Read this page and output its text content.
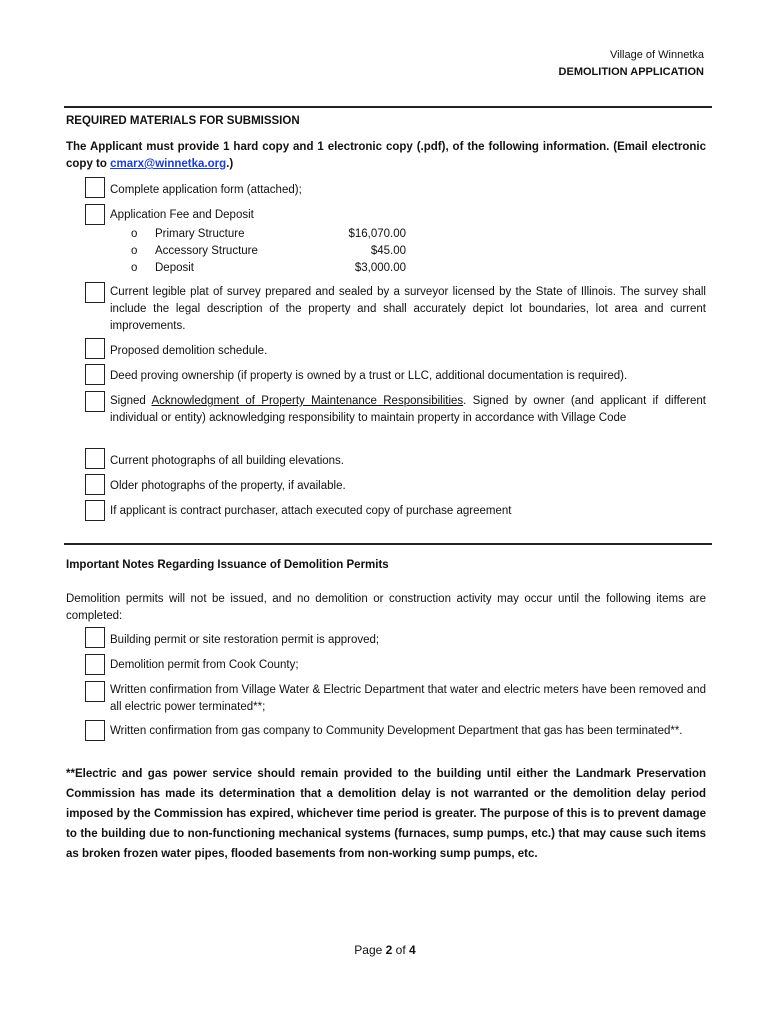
Village of Winnetka
DEMOLITION APPLICATION
REQUIRED MATERIALS FOR SUBMISSION
The Applicant must provide 1 hard copy and 1 electronic copy (.pdf), of the following information. (Email electronic copy to cmarx@winnetka.org.)
Complete application form (attached);
Application Fee and Deposit
o Primary Structure	$16,070.00
o Accessory Structure	$45.00
o Deposit	$3,000.00
Current legible plat of survey prepared and sealed by a surveyor licensed by the State of Illinois. The survey shall include the legal description of the property and shall accurately depict lot boundaries, lot area and current improvements.
Proposed demolition schedule.
Deed proving ownership (if property is owned by a trust or LLC, additional documentation is required).
Signed Acknowledgment of Property Maintenance Responsibilities. Signed by owner (and applicant if different individual or entity) acknowledging responsibility to maintain property in accordance with Village Code
Current photographs of all building elevations.
Older photographs of the property, if available.
If applicant is contract purchaser, attach executed copy of purchase agreement
Important Notes Regarding Issuance of Demolition Permits
Demolition permits will not be issued, and no demolition or construction activity may occur until the following items are completed:
Building permit or site restoration permit is approved;
Demolition permit from Cook County;
Written confirmation from Village Water & Electric Department that water and electric meters have been removed and all electric power terminated**;
Written confirmation from gas company to Community Development Department that gas has been terminated**.
**Electric and gas power service should remain provided to the building until either the Landmark Preservation Commission has made its determination that a demolition delay is not warranted or the demolition delay period imposed by the Commission has expired, whichever time period is greater. The purpose of this is to prevent damage to the building due to non-functioning mechanical systems (furnaces, sump pumps, etc.) that may cause such items as broken frozen water pipes, flooded basements from non-working sump pumps, etc.
Page 2 of 4
